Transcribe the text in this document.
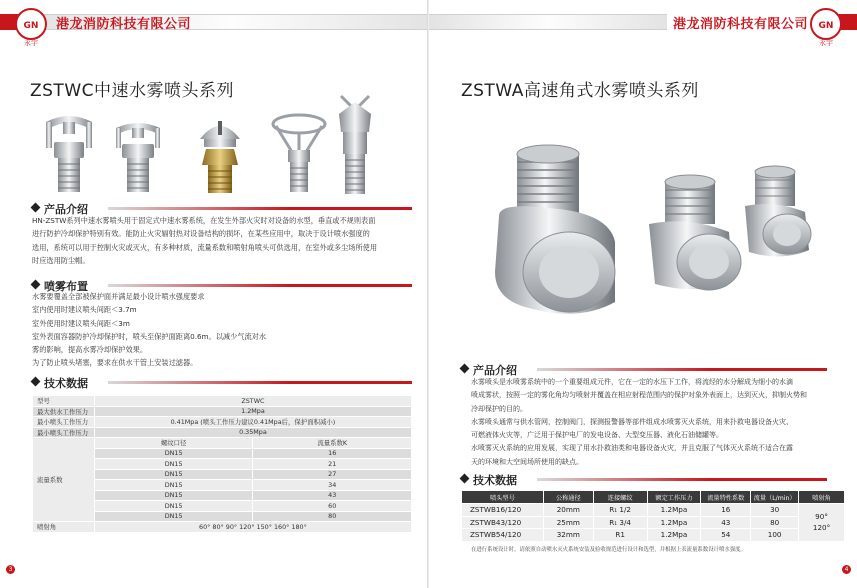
GN
永宇
港龙消防科技有限公司
ZSTWC中速水雾喷头系列
产品介绍

HN-ZSTW系列中速水雾喷头用于固定式中速水雾系统，在发生外部火灾时对设备的水型，垂直或不规则表面

进行防护冷却保护特别有效。能防止火灾辐射热对设备结构的损坏，在某些应用中，取决于设计喷水强度的

选用，系统可以用于控制火灾或灭火，有多种材质，流量系数和喷射角喷头可供选用，在室外或多尘场所使用

时应选用防尘帽。

喷雾布置

水雾要覆盖全部被保护面并满足最小设计喷水强度要求

室内使用时建议喷头间距＜3.7m

室外使用时建议喷头间距＜3m

室外表面容器防护冷却保护时，喷头至保护面距离0.6m。以减少气流对水

雾的影响，提高水雾冷却保护效果。

为了防止喷头堵塞，要求在供水干管上安装过滤器。

技术数据
型号	ZSTWC	
最大供水工作压力	1.2Mpa	
最小喷头工作压力	0.41Mpa (喷头工作压力建议0.41Mpa后，保护面积减小)	
最小喷头工作压力	0.35Mpa	
流量系数	螺纹口径	流量系数K
	DN15	16
	DN15	21
	DN15	27
	DN15	34
	DN15	43
	DN15	60
	DN15	80
喷射角	60° 80° 90° 120° 150° 160° 180°	
3
港龙消防科技有限公司 GN
永宇
ZSTWA高速角式水雾喷头系列
产品介绍

水雾喷头是水喷雾系统中的一个重要组成元件，它在一定的水压下工作，将流经的水分解成为细小的水滴

喷成雾状，按照一定的雾化角均匀喷射并覆盖在相应射程范围内的保护对象外表面上，达到灭火，抑制火势和

冷却保护的目的。

水雾喷头通常与供水管网，控制阀门，探测报警器等部件组成水喷雾灭火系统，用来扑救电器设备火灾、

可燃液体火灾等，广泛用于保护电厂的发电设备、大型变压器、液化石油储罐等。

水喷雾灭火系统的应用发展，实现了用水扑救油类和电器设备火灾，并且克服了气体灭火系统不适合在露

天的环境和大空间场所使用的缺点。

技术数据
喷头型号	公称通径	连接螺纹	额定工作压力	流量特性系数	流量（L/min）	喷射角
ZSTWB16/120	20mm	R₁ 1/2	1.2Mpa	16	30	90°
120°
ZSTWB43/120	25mm	R₁ 3/4	1.2Mpa	43	80	
ZSTWB54/120	32mm	R1	1.2Mpa	54	100	
在进行系统设计时，请依照自动喷水灭火系统安装及验收规范进行设计和选型，并根据上表流量系数设计喷水强度。
4
